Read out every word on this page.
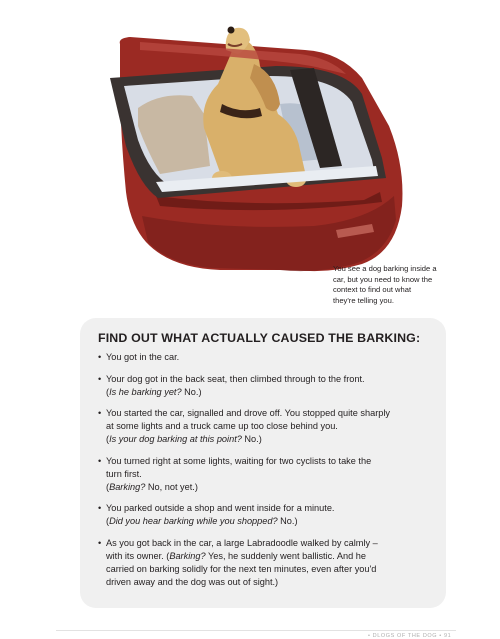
You see a dog barking inside a
car, but you need to know the
context to find out what
they're telling you.
FIND OUT WHAT ACTUALLY CAUSED THE BARKING:
• You got in the car.
• Your dog got in the back seat, then climbed through to the front.
(Is he barking yet? No.)
• You started the car, signalled and drove off. You stopped quite sharply
at some lights and a truck came up too close behind you.
(Is your dog barking at this point? No.)
• You turned right at some lights, waiting for two cyclists to take the
turn first.
(Barking? No, not yet.)
• You parked outside a shop and went inside for a minute.
(Did you hear barking while you shopped? No.)
• As you got back in the car, a large Labradoodle walked by calmly –
with its owner. (Barking? Yes, he suddenly went ballistic. And he
carried on barking solidly for the next ten minutes, even after you'd
driven away and the dog was out of sight.)
• DLOGS OF THE DOG • 91
